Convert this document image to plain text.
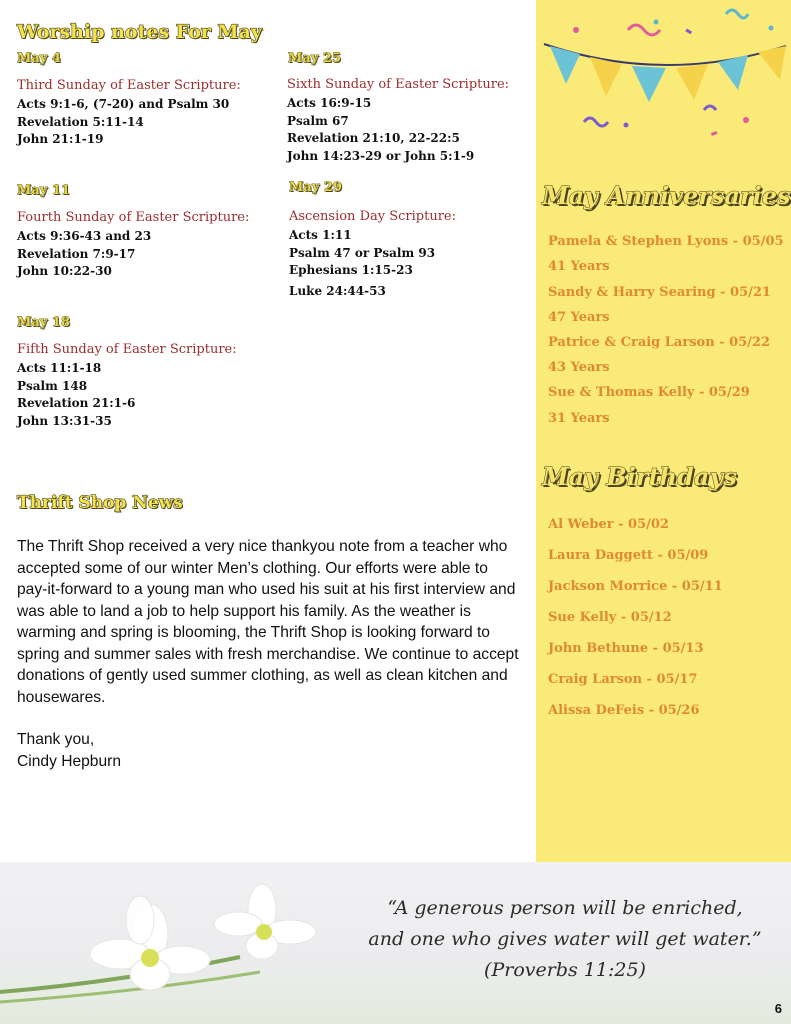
Worship notes For May
May 4
Third Sunday of Easter Scripture:
Acts 9:1-6, (7-20) and Psalm 30
Revelation 5:11-14
John 21:1-19
May 25
Sixth Sunday of Easter Scripture:
Acts 16:9-15
Psalm 67
Revelation 21:10, 22-22:5
John 14:23-29 or John 5:1-9
May 11
Fourth Sunday of Easter Scripture:
Acts 9:36-43 and 23
Revelation 7:9-17
John 10:22-30
May 29
Ascension Day Scripture:
Acts 1:11
Psalm 47 or Psalm 93
Ephesians 1:15-23
Luke 24:44-53
May 18
Fifth Sunday of Easter Scripture:
Acts 11:1-18
Psalm 148
Revelation 21:1-6
John 13:31-35
Thrift Shop News

The Thrift Shop received a very nice thankyou note from a teacher who accepted some of our winter Men’s clothing. Our efforts were able to pay-it-forward to a young man who used his suit at his first interview and was able to land a job to help support his family. As the weather is warming and spring is blooming, the Thrift Shop is looking forward to spring and summer sales with fresh merchandise. We continue to accept donations of gently used summer clothing, as well as clean kitchen and housewares.

Thank you,

Cindy Hepburn

May Anniversaries
Pamela & Stephen Lyons - 05/05
41 Years
Sandy & Harry Searing - 05/21
47 Years
Patrice & Craig Larson - 05/22
43 Years
Sue & Thomas Kelly - 05/29
31 Years
May Birthdays
Al Weber - 05/02
Laura Daggett - 05/09
Jackson Morrice - 05/11
Sue Kelly - 05/12
John Bethune - 05/13
Craig Larson - 05/17
Alissa DeFeis - 05/26
“A generous person will be enriched,
and one who gives water will get water.”
(Proverbs 11:25)
6
